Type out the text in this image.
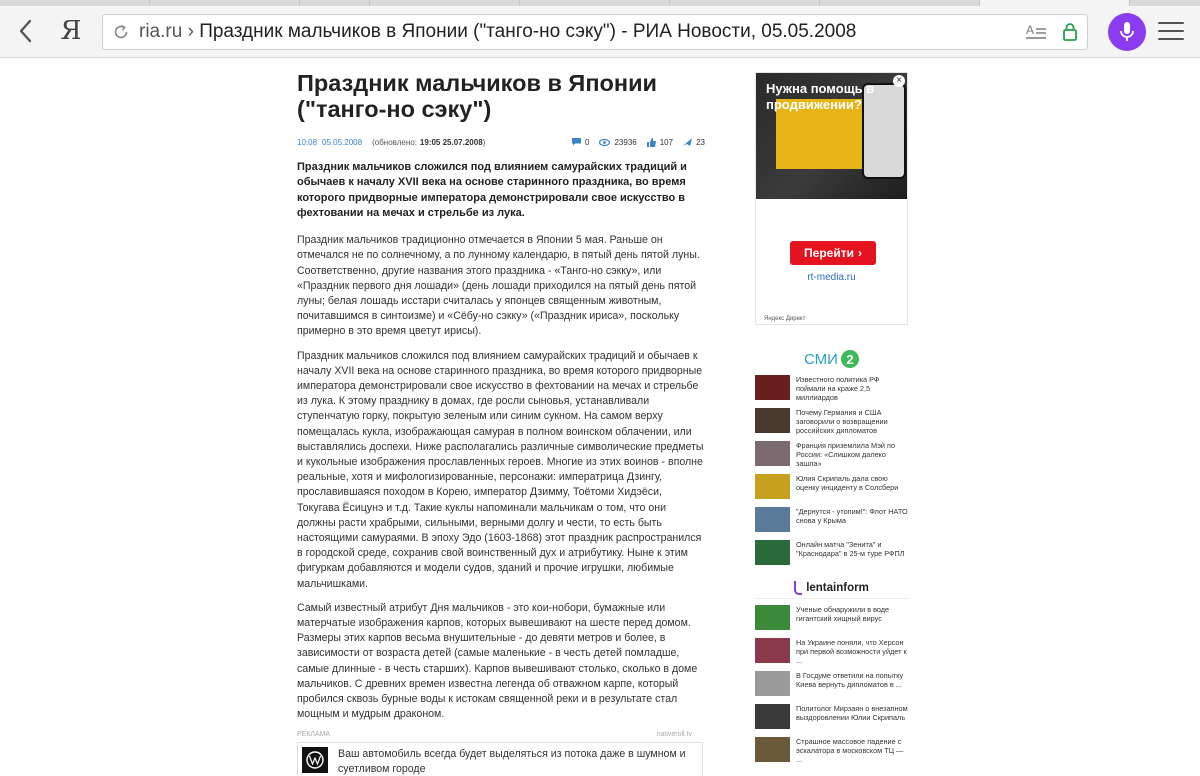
Я	ria.ru › Праздник мальчиков в Японии ("танго-но сэку") - РИА Новости, 05.05.2008	A
Праздник мальчиков в Японии ("танго-но сэку")
10:08 05.05.2008 (обновлено: 19:05 25.07.2008 )	0	23936	107	23

Праздник мальчиков сложился под влиянием самурайских традиций и обычаев к началу XVII века на основе старинного праздника, во время которого придворные императора демонстрировали свое искусство в фехтовании на мечах и стрельбе из лука.

Праздник мальчиков традиционно отмечается в Японии 5 мая. Раньше он отмечался не по солнечному, а по лунному календарю, в пятый день пятой луны. Соответственно, другие названия этого праздника - «Танго-но сэкку», или «Праздник первого дня лошади» (день лошади приходился на пятый день пятой луны; белая лошадь исстари считалась у японцев священным животным, почитавшимся в синтоизме) и «Сёбу-но сэкку» («Праздник ириса», поскольку примерно в это время цветут ирисы).

Праздник мальчиков сложился под влиянием самурайских традиций и обычаев к началу XVII века на основе старинного праздника, во время которого придворные императора демонстрировали свое искусство в фехтовании на мечах и стрельбе из лука. К этому празднику в домах, где росли сыновья, устанавливали ступенчатую горку, покрытую зеленым или синим сукном. На самом верху помещалась кукла, изображающая самурая в полном воинском облачении, или выставлялись доспехи. Ниже располагались различные символические предметы и кукольные изображения прославленных героев. Многие из этих воинов - вполне реальные, хотя и мифологизированные, персонажи: императрица Дзингу, прославившаяся походом в Корею, император Дзимму, Тоётоми Хидэёси, Токугава Ёсицунэ и т.д. Такие куклы напоминали мальчикам о том, что они должны расти храбрыми, сильными, верными долгу и чести, то есть быть настоящими самураями. В эпоху Эдо (1603-1868) этот праздник распространился в городской среде, сохранив свой воинственный дух и атрибутику. Ныне к этим фигуркам добавляются и модели судов, зданий и прочие игрушки, любимые мальчишками.

Самый известный атрибут Дня мальчиков - это кои-нобори, бумажные или матерчатые изображения карпов, которых вывешивают на шесте перед домом. Размеры этих карпов весьма внушительные - до девяти метров и более, в зависимости от возраста детей (самые маленькие - в честь детей помладше, самые длинные - в честь старших). Карпов вывешивают столько, сколько в доме мальчиков. С древних времен известна легенда об отважном карпе, который пробился сквозь бурные воды к истокам священной реки и в результате стал мощным и мудрым драконом.

РЕКЛАМА	nativeroll.tv
Ваш автомобиль всегда будет выделяться из потока даже в шумном и суетливом городе
Нужна помощь в продвижении?
×
Перейти ›
rt-media.ru
Яндекс Директ
СМИ 2
Известного политика РФ поймали на краже 2,5 миллиардов
Почему Германия и США заговорили о возвращении российских дипломатов
Франция приземлила Мэй по России: «Слишком далеко зашла»
Юлия Скрипаль дала свою оценку инциденту в Солсбери
"Дернутся - утопим!": Флот НАТО снова у Крыма
Онлайн матча "Зенита" и "Краснодара" в 25-м туре РФПЛ
lentainform
Ученые обнаружили в воде гигантский хищный вирус
На Украине поняли, что Херсон при первой возможности уйдет к ...
В Госдуме ответили на попытку Киева вернуть дипломатов в ...
Политолог Мирзаян о внезапном выздоровлении Юлии Скрипаль
Страшное массовое падение с эскалатора в московском ТЦ — ...
